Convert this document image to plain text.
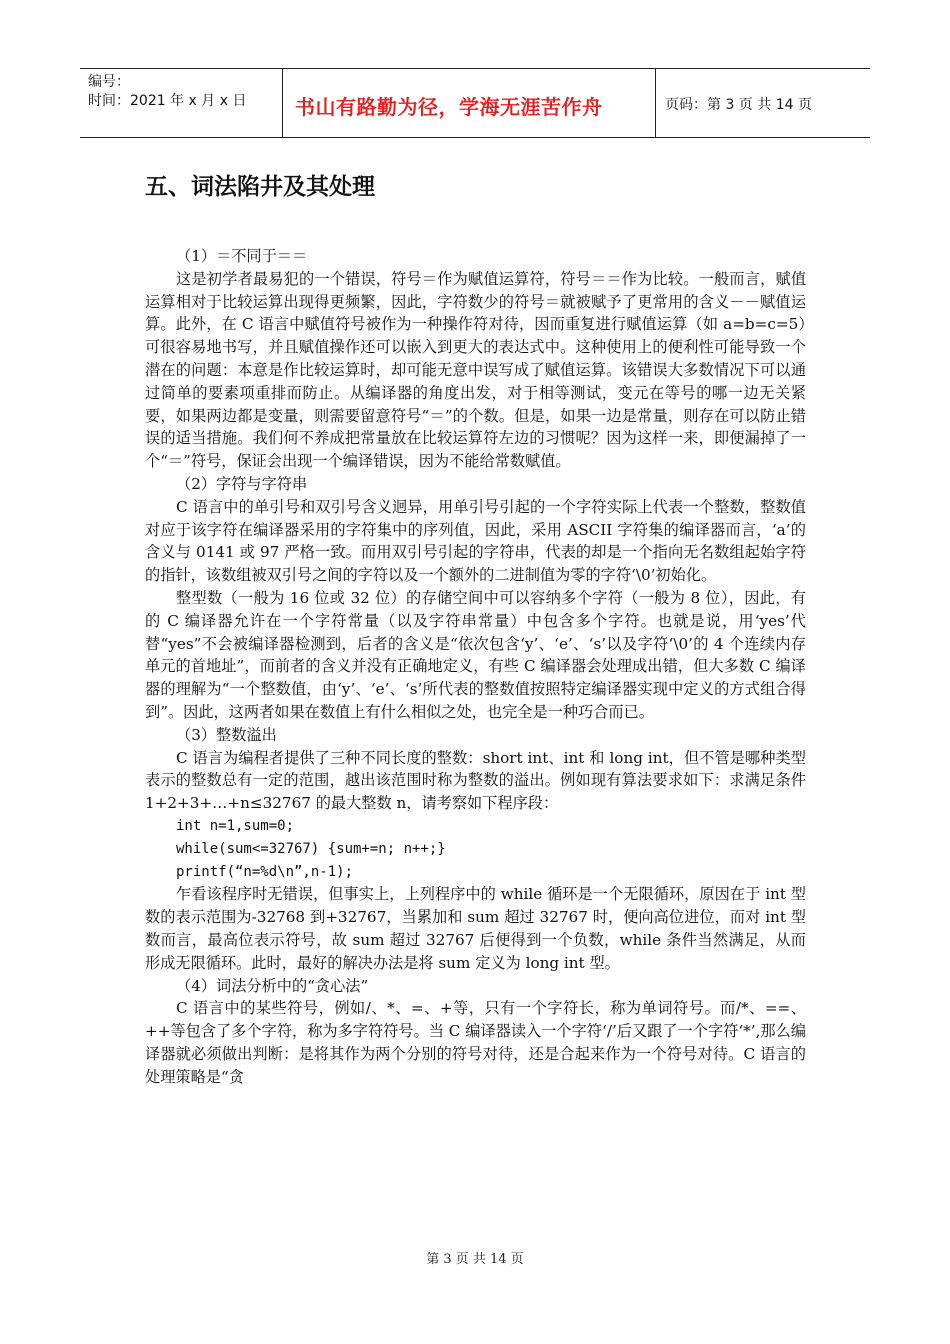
编号：
时间：2021 年 x 月 x 日 书山有路勤为径，学海无涯苦作舟	页码：第 3 页 共 14 页
五、词法陷井及其处理

（1）＝不同于＝＝

这是初学者最易犯的一个错误，符号＝作为赋值运算符，符号＝＝作为比较。一般而言，赋值运算相对于比较运算出现得更频繁，因此，字符数少的符号＝就被赋予了更常用的含义－－赋值运算。此外，在 C 语言中赋值符号被作为一种操作符对待，因而重复进行赋值运算（如 a=b=c=5）可很容易地书写，并且赋值操作还可以嵌入到更大的表达式中。这种使用上的便利性可能导致一个潜在的问题：本意是作比较运算时，却可能无意中误写成了赋值运算。该错误大多数情况下可以通过简单的要素项重排而防止。从编译器的角度出发，对于相等测试，变元在等号的哪一边无关紧要，如果两边都是变量，则需要留意符号“＝”的个数。但是，如果一边是常量，则存在可以防止错误的适当措施。我们何不养成把常量放在比较运算符左边的习惯呢？因为这样一来，即便漏掉了一个“＝”符号，保证会出现一个编译错误，因为不能给常数赋值。

（2）字符与字符串

C 语言中的单引号和双引号含义迥异，用单引号引起的一个字符实际上代表一个整数，整数值对应于该字符在编译器采用的字符集中的序列值，因此，采用 ASCII 字符集的编译器而言，‘a’的含义与 0141 或 97 严格一致。而用双引号引起的字符串，代表的却是一个指向无名数组起始字符的指针，该数组被双引号之间的字符以及一个额外的二进制值为零的字符‘\0’初始化。

整型数（一般为 16 位或 32 位）的存储空间中可以容纳多个字符（一般为 8 位），因此，有的 C 编译器允许在一个字符常量（以及字符串常量）中包含多个字符。也就是说，用‘yes’代替“yes”不会被编译器检测到，后者的含义是“依次包含‘y’、‘e’、‘s’以及字符‘\0’的 4 个连续内存单元的首地址”，而前者的含义并没有正确地定义，有些 C 编译器会处理成出错，但大多数 C 编译器的理解为“一个整数值，由‘y’、‘e’、‘s’所代表的整数值按照特定编译器实现中定义的方式组合得到”。因此，这两者如果在数值上有什么相似之处，也完全是一种巧合而已。

（3）整数溢出

C 语言为编程者提供了三种不同长度的整数：short int、int 和 long int，但不管是哪种类型表示的整数总有一定的范围，越出该范围时称为整数的溢出。例如现有算法要求如下：求满足条件 1+2+3+…+n≤32767 的最大整数 n，请考察如下程序段：

int n=1,sum=0;

while(sum<=32767) {sum+=n; n++;}

printf(“n=%d\n”,n-1);

乍看该程序时无错误，但事实上，上列程序中的 while 循环是一个无限循环，原因在于 int 型数的表示范围为-32768 到+32767，当累加和 sum 超过 32767 时，便向高位进位，而对 int 型数而言，最高位表示符号，故 sum 超过 32767 后便得到一个负数，while 条件当然满足，从而形成无限循环。此时，最好的解决办法是将 sum 定义为 long int 型。

（4）词法分析中的“贪心法”

C 语言中的某些符号，例如/、*、=、+等，只有一个字符长，称为单词符号。而/*、==、++等包含了多个字符，称为多字符符号。当 C 编译器读入一个字符‘/’后又跟了一个字符‘*’,那么编译器就必须做出判断：是将其作为两个分别的符号对待，还是合起来作为一个符号对待。C 语言的处理策略是“贪

第 3 页 共 14 页
